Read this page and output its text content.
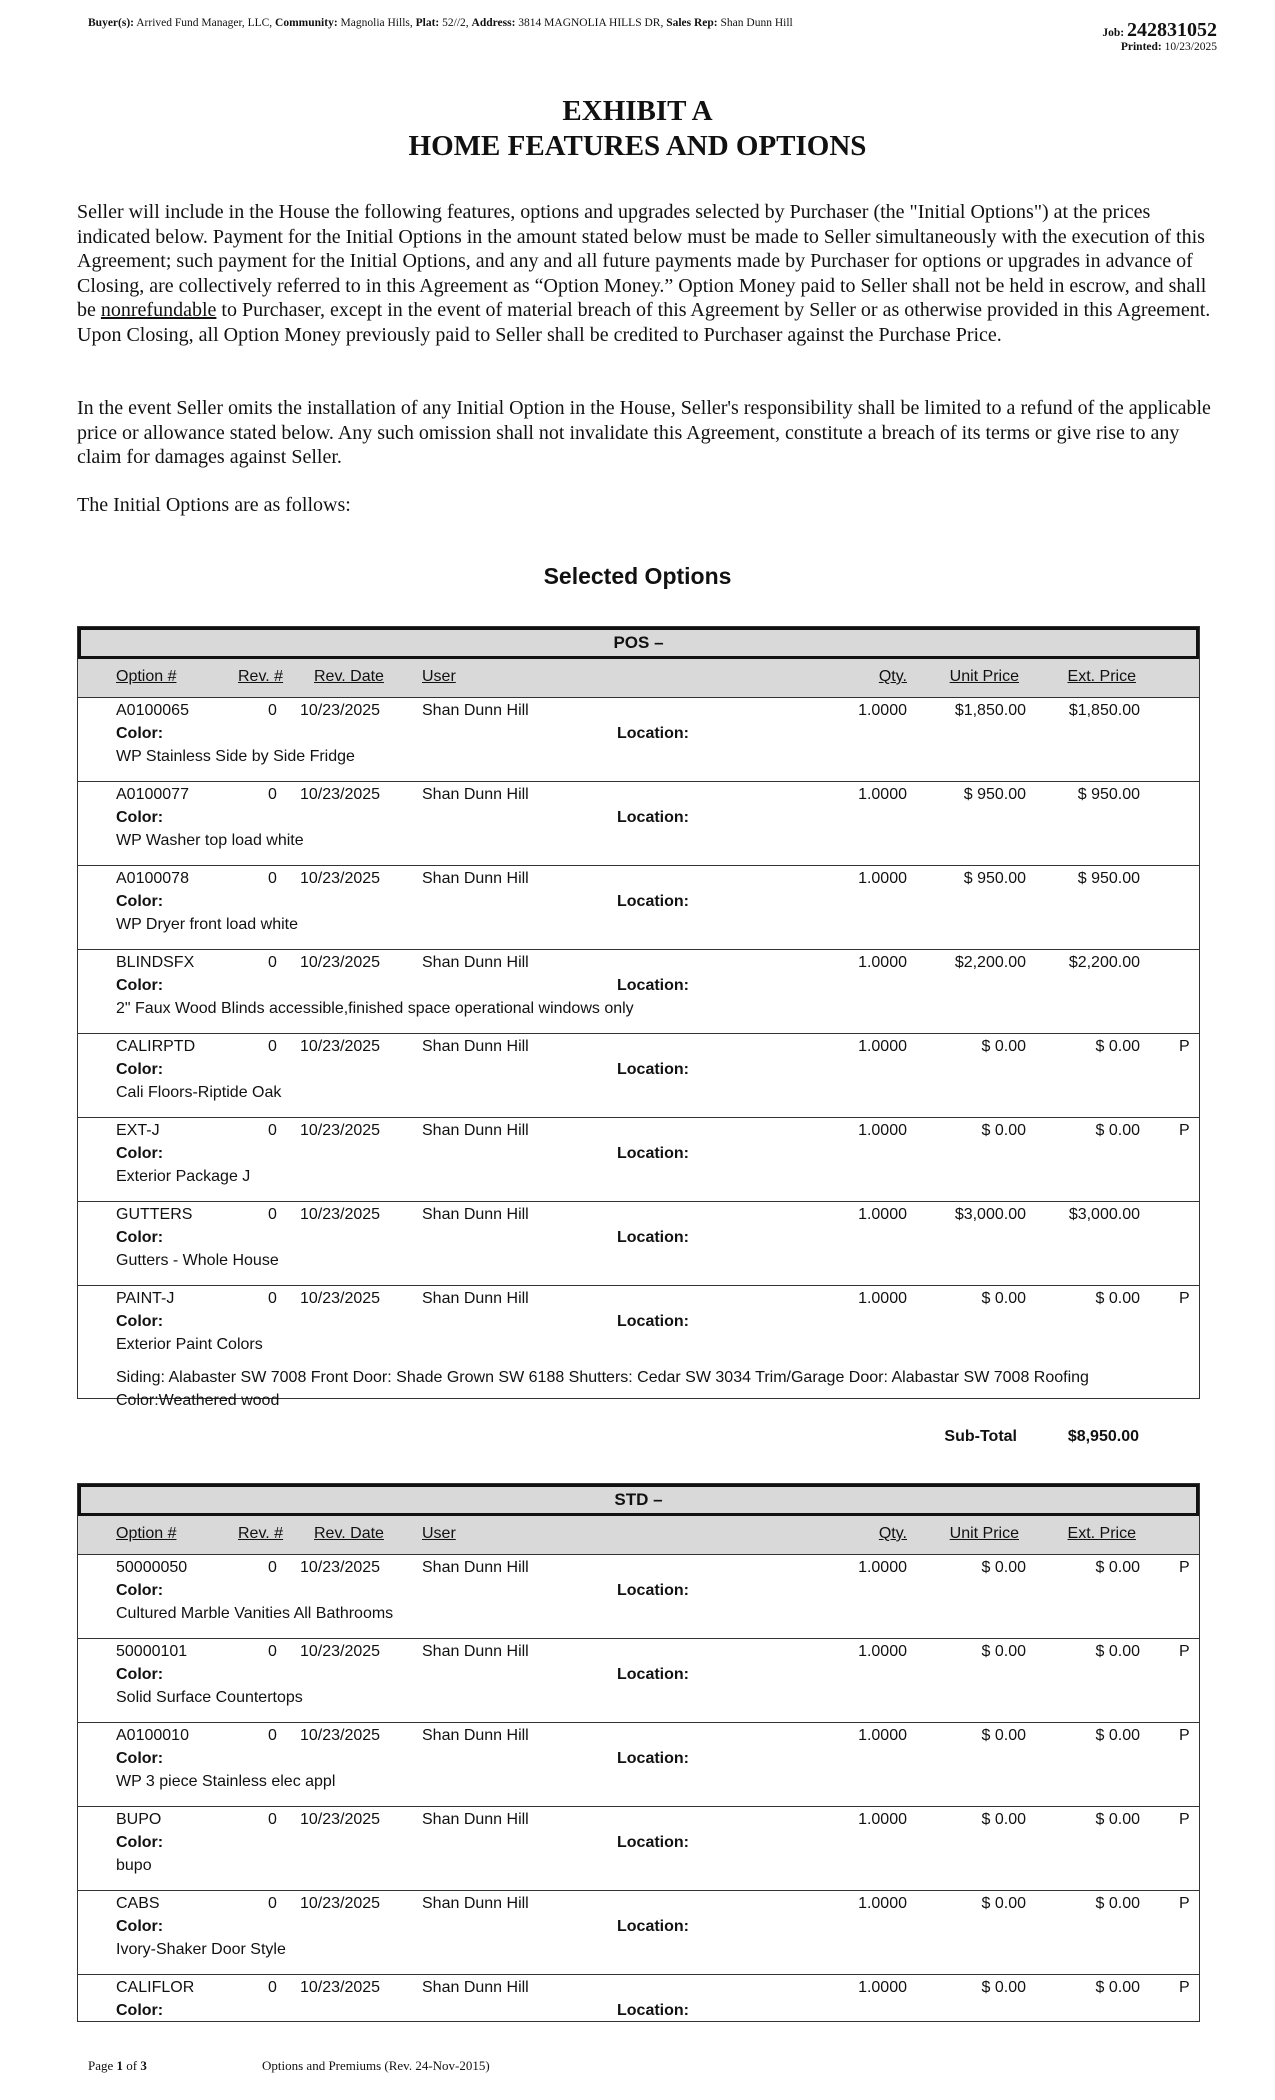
Buyer(s): Arrived Fund Manager, LLC, Community: Magnolia Hills, Plat: 52//2, Address: 3814 MAGNOLIA HILLS DR, Sales Rep: Shan Dunn Hill
Job: 242831052
Printed: 10/23/2025
EXHIBIT A
HOME FEATURES AND OPTIONS
Seller will include in the House the following features, options and upgrades selected by Purchaser (the "Initial Options") at the prices indicated below. Payment for the Initial Options in the amount stated below must be made to Seller simultaneously with the execution of this Agreement; such payment for the Initial Options, and any and all future payments made by Purchaser for options or upgrades in advance of Closing, are collectively referred to in this Agreement as “Option Money.” Option Money paid to Seller shall not be held in escrow, and shall be nonrefundable to Purchaser, except in the event of material breach of this Agreement by Seller or as otherwise provided in this Agreement. Upon Closing, all Option Money previously paid to Seller shall be credited to Purchaser against the Purchase Price.
In the event Seller omits the installation of any Initial Option in the House, Seller's responsibility shall be limited to a refund of the applicable price or allowance stated below. Any such omission shall not invalidate this Agreement, constitute a breach of its terms or give rise to any claim for damages against Seller.
The Initial Options are as follows:
Selected Options
POS –
Option #	Rev. # Rev. Date User	Qty.	Unit Price	Ext. Price
A0100065	0 10/23/2025	Shan Dunn Hill	1.0000	$1,850.00	$1,850.00
Color:	Location:
WP Stainless Side by Side Fridge
A0100077	0 10/23/2025	Shan Dunn Hill	1.0000	$ 950.00	$ 950.00
Color:	Location:
WP Washer top load white
A0100078	0 10/23/2025	Shan Dunn Hill	1.0000	$ 950.00	$ 950.00
Color:	Location:
WP Dryer front load white
BLINDSFX	0 10/23/2025	Shan Dunn Hill	1.0000	$2,200.00	$2,200.00
Color:	Location:
2" Faux Wood Blinds accessible,finished space operational windows only
CALIRPTD	0 10/23/2025	Shan Dunn Hill	1.0000	$ 0.00	$ 0.00 P
Color:	Location:
Cali Floors-Riptide Oak
EXT-J	0 10/23/2025	Shan Dunn Hill	1.0000	$ 0.00	$ 0.00 P
Color:	Location:
Exterior Package J
GUTTERS	0 10/23/2025	Shan Dunn Hill	1.0000	$3,000.00	$3,000.00
Color:	Location:
Gutters - Whole House
PAINT-J	0 10/23/2025	Shan Dunn Hill	1.0000	$ 0.00	$ 0.00 P
Color:	Location:
Exterior Paint Colors
Siding: Alabaster SW 7008 Front Door: Shade Grown SW 6188 Shutters: Cedar SW 3034 Trim/Garage Door: Alabastar SW 7008 Roofing Color:Weathered wood
Sub-Total	$8,950.00
STD –
Option #	Rev. # Rev. Date User	Qty.	Unit Price	Ext. Price
50000050	0 10/23/2025	Shan Dunn Hill	1.0000	$ 0.00	$ 0.00 P
Color:	Location:
Cultured Marble Vanities All Bathrooms
50000101	0 10/23/2025	Shan Dunn Hill	1.0000	$ 0.00	$ 0.00 P
Color:	Location:
Solid Surface Countertops
A0100010	0 10/23/2025	Shan Dunn Hill	1.0000	$ 0.00	$ 0.00 P
Color:	Location:
WP 3 piece Stainless elec appl
BUPO	0 10/23/2025	Shan Dunn Hill	1.0000	$ 0.00	$ 0.00 P
Color:	Location:
bupo
CABS	0 10/23/2025	Shan Dunn Hill	1.0000	$ 0.00	$ 0.00 P
Color:	Location:
Ivory-Shaker Door Style
CALIFLOR	0 10/23/2025	Shan Dunn Hill	1.0000	$ 0.00	$ 0.00 P
Color:	Location:
Page 1 of 3	Options and Premiums (Rev. 24-Nov-2015)
